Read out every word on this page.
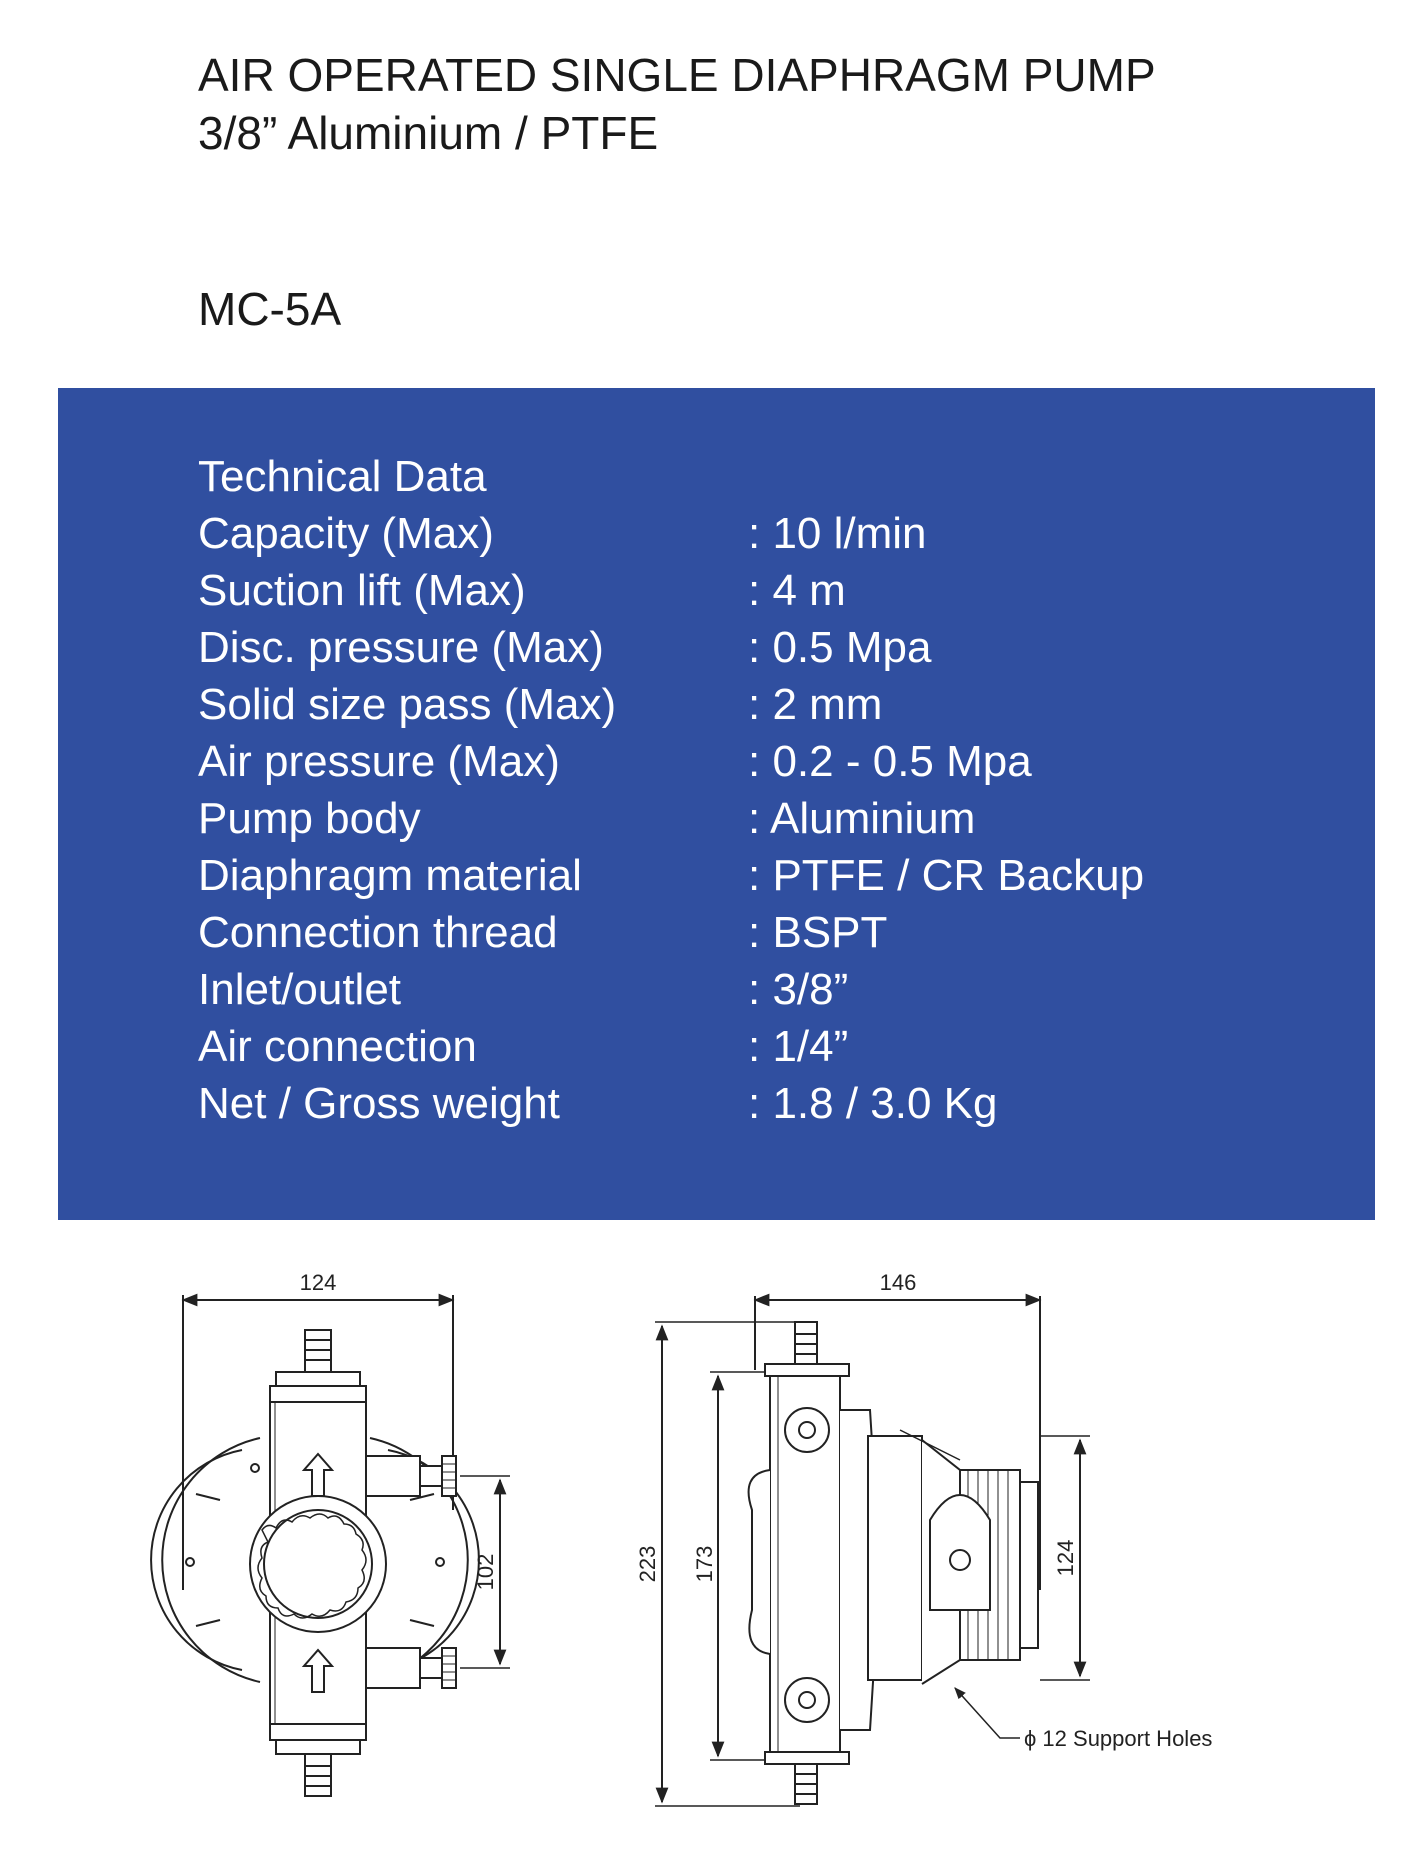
AIR OPERATED SINGLE DIAPHRAGM PUMP
3/8” Aluminium / PTFE
MC-5A
Technical Data
Capacity (Max)	: 10 l/min
Suction lift (Max)	: 4 m
Disc. pressure (Max)	: 0.5 Mpa
Solid size pass (Max)	: 2 mm
Air pressure (Max)	: 0.2 - 0.5 Mpa
Pump body	: Aluminium
Diaphragm material	: PTFE / CR Backup
Connection thread	: BSPT
Inlet/outlet	: 3/8”
Air connection	: 1/4”
Net / Gross weight	: 1.8 / 3.0 Kg
124
102
146
223 173	124
ϕ 12 Support Holes
